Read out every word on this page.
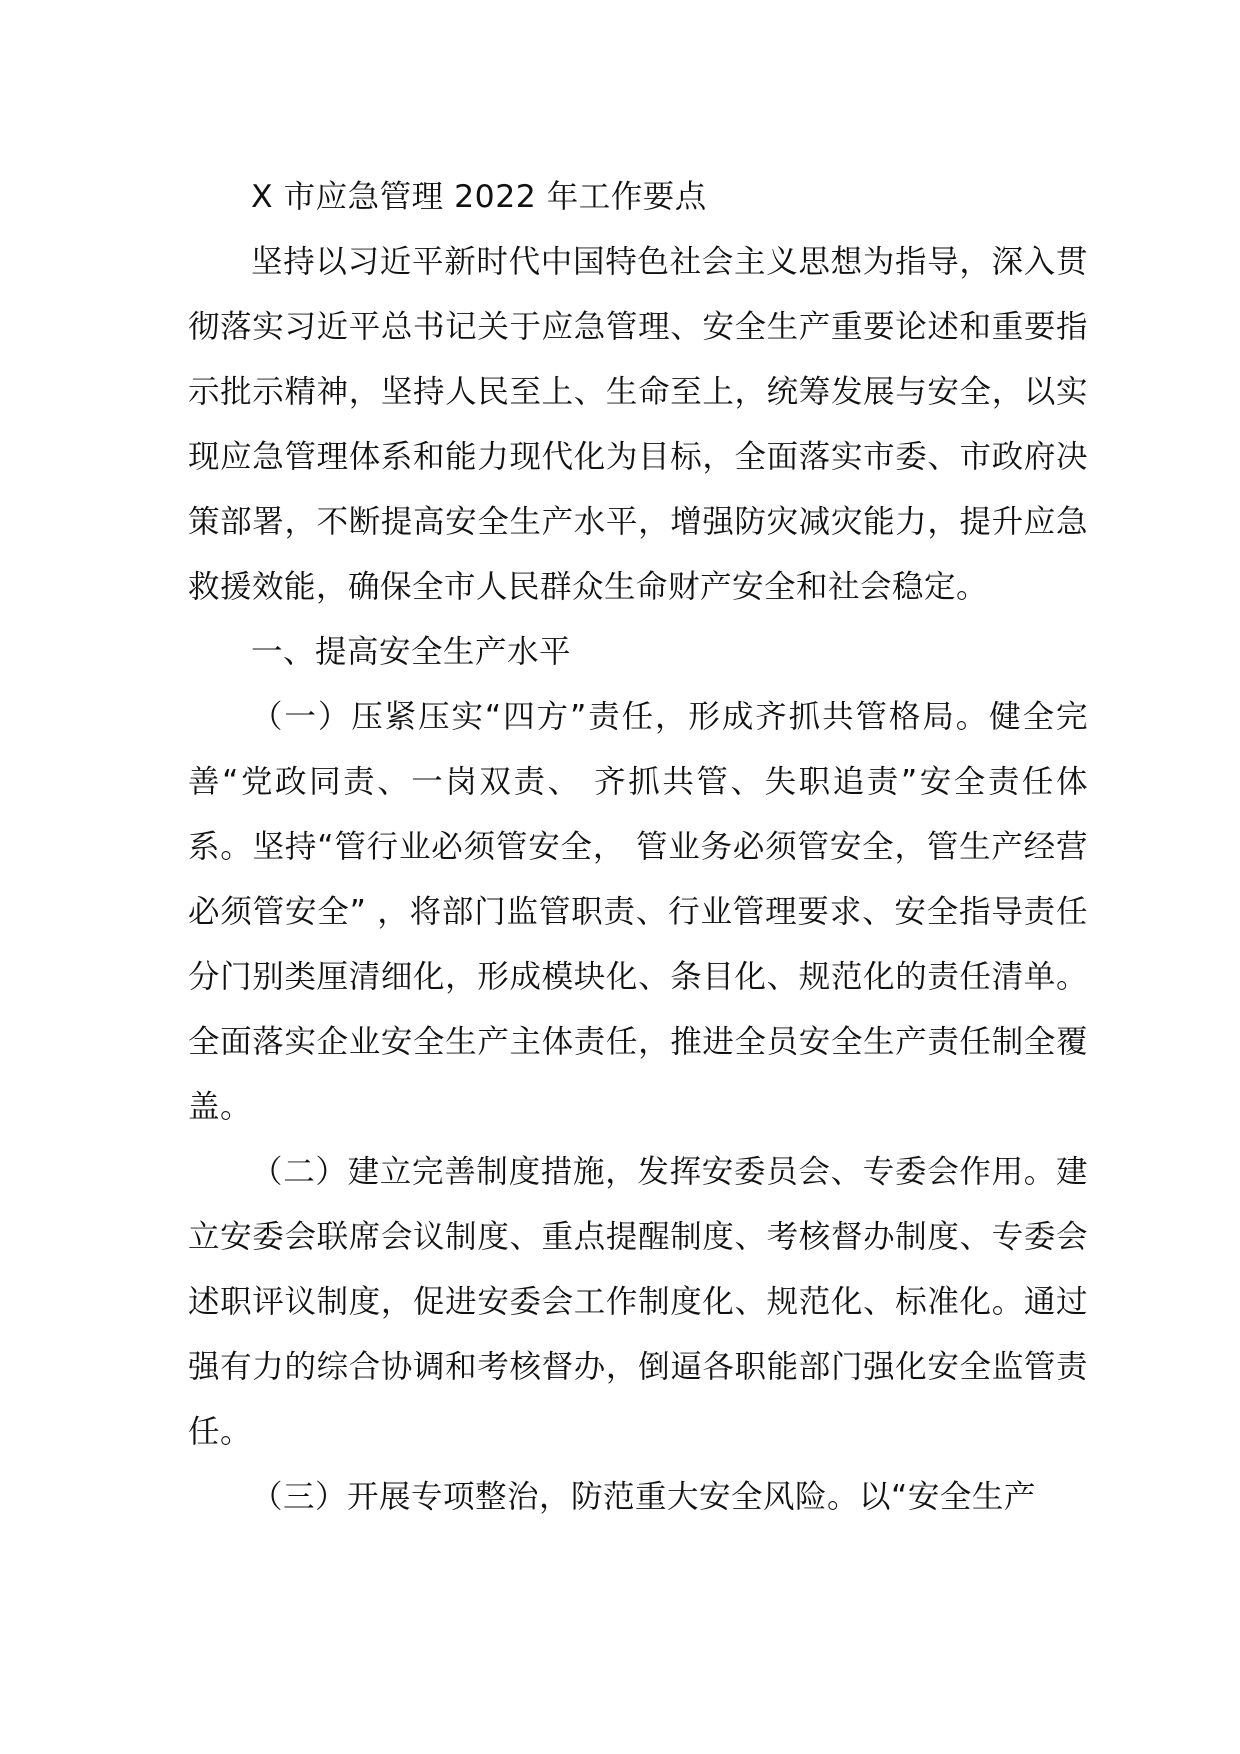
X 市应急管理 2022 年工作要点

坚持以习近平新时代中国特色社会主义思想为指导，深入贯彻落实习近平总书记关于应急管理、安全生产重要论述和重要指示批示精神，坚持人民至上、生命至上，统筹发展与安全，以实现应急管理体系和能力现代化为目标，全面落实市委、市政府决策部署，不断提高安全生产水平，增强防灾减灾能力，提升应急救援效能，确保全市人民群众生命财产安全和社会稳定。

一、提高安全生产水平

（一）压紧压实“四方”责任，形成齐抓共管格局。健全完善“党政同责、一岗双责、 齐抓共管、失职追责”安全责任体系。坚持“管行业必须管安全， 管业务必须管安全，管生产经营必须管安全” ，将部门监管职责、行业管理要求、安全指导责任分门别类厘清细化，形成模块化、条目化、规范化的责任清单。全面落实企业安全生产主体责任，推进全员安全生产责任制全覆盖。

（二）建立完善制度措施，发挥安委员会、专委会作用。建立安委会联席会议制度、重点提醒制度、考核督办制度、专委会述职评议制度，促进安委会工作制度化、规范化、标准化。通过强有力的综合协调和考核督办，倒逼各职能部门强化安全监管责任。

（三）开展专项整治，防范重大安全风险。以“安全生产
